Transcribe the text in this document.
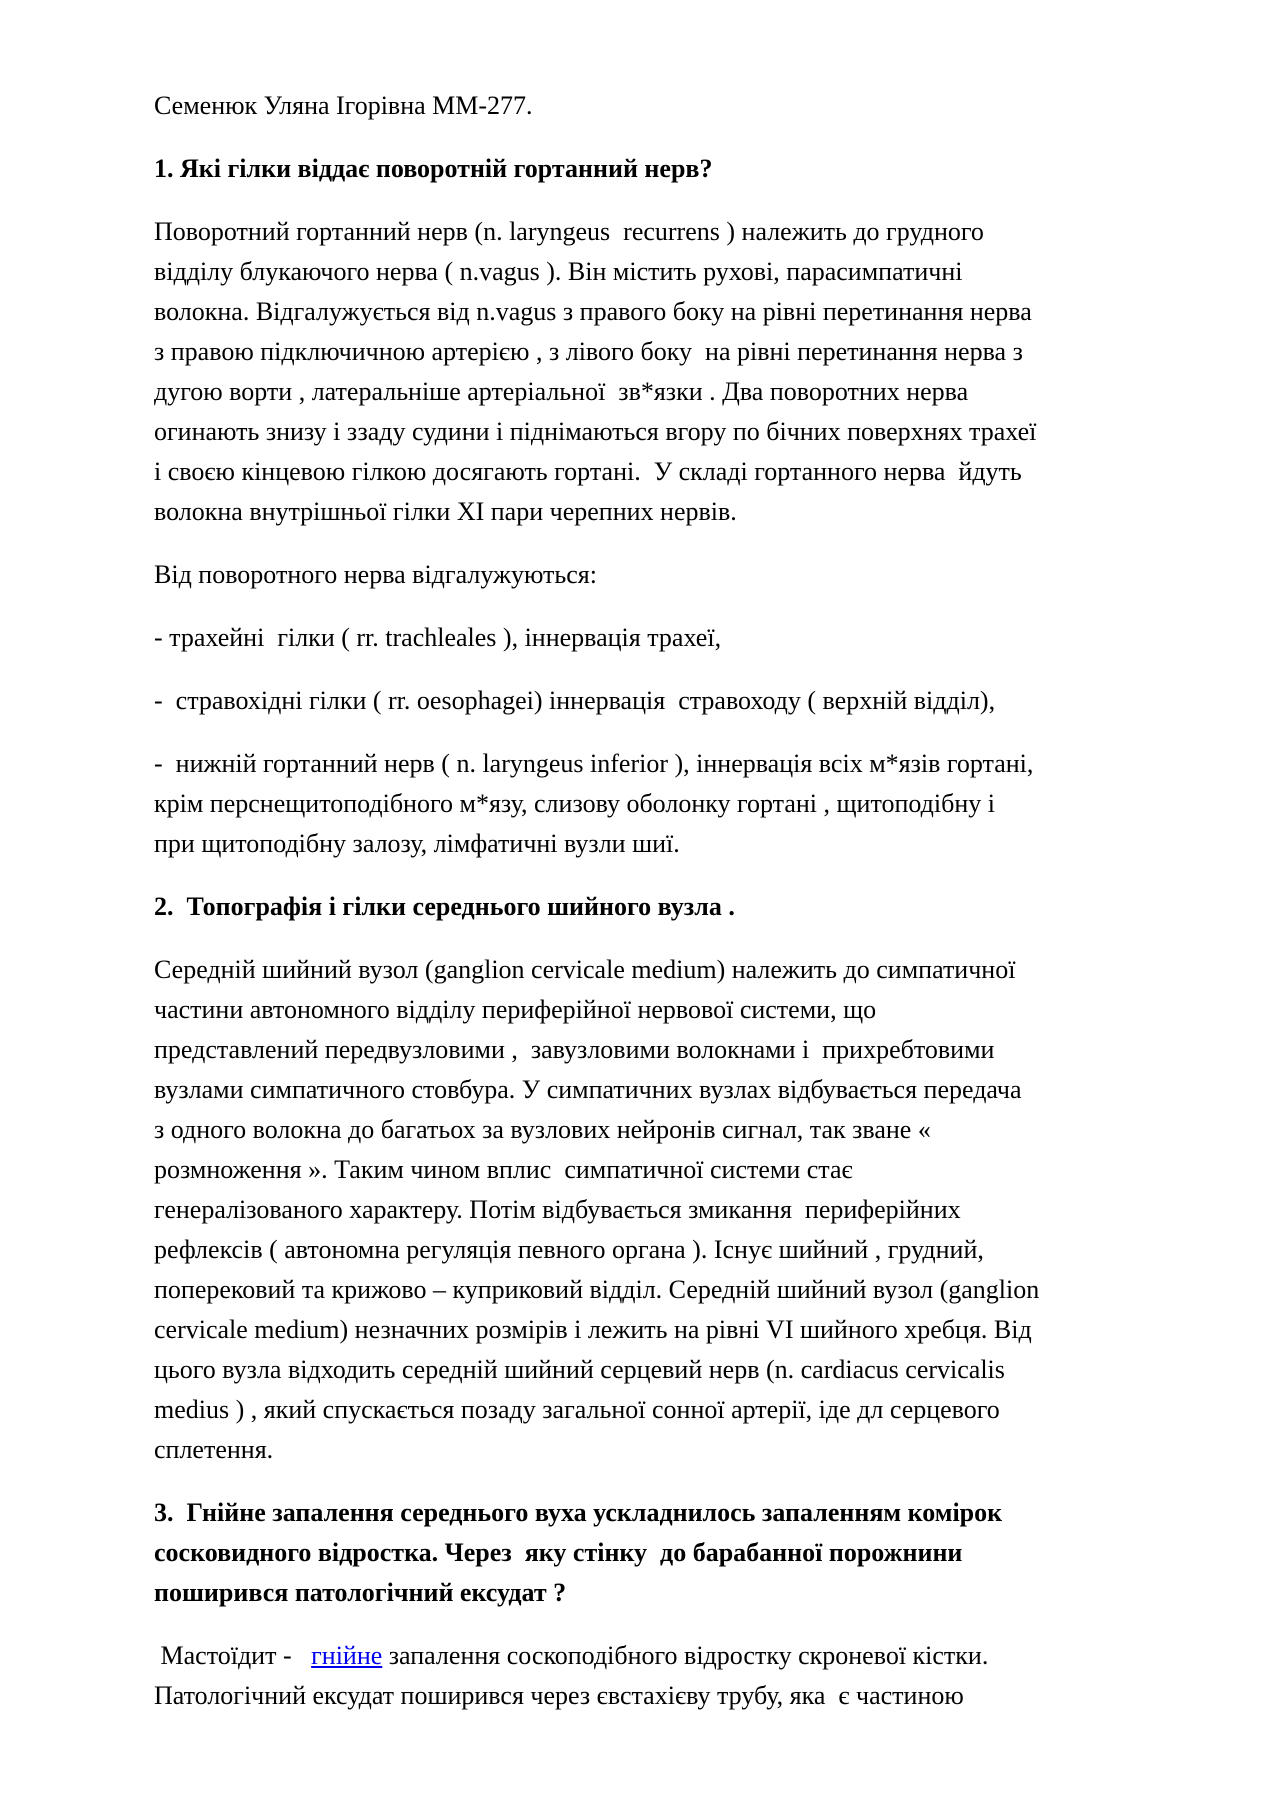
Семенюк Уляна Ігорівна ММ-277.

1. Які гілки віддає поворотній гортанний нерв?

Поворотний гортанний нерв (n. laryngeus  recurrens ) належить до грудного
відділу блукаючого нерва ( n.vagus ). Він містить рухові, парасимпатичні
волокна. Відгалужується від n.vagus з правого боку на рівні перетинання нерва
з правою підключичною артерією , з лівого боку  на рівні перетинання нерва з
дугою ворти , латеральніше артеріальної  зв*язки . Два поворотних нерва
огинають знизу і ззаду судини і піднімаються вгору по бічних поверхнях трахеї
і своєю кінцевою гілкою досягають гортані.  У складі гортанного нерва  йдуть
волокна внутрішньої гілки ХІ пари черепних нервів.

Від поворотного нерва відгалужуються:

- трахейні  гілки ( rr. trachleales ), іннервація трахеї,

-  стравохідні гілки ( rr. oesophagei) іннервація  стравоходу ( верхній відділ),

-  нижній гортанний нерв ( n. laryngeus inferior ), іннервація всіх м*язів гортані,
крім перснещитоподібного м*язу, слизову оболонку гортані , щитоподібну і
при щитоподібну залозу, лімфатичні вузли шиї.

2.  Топографія і гілки середнього шийного вузла .

Середній шийний вузол (ganglion cervicale medium) належить до симпатичної
частини автономного відділу периферійної нервової системи, що
представлений передвузловими ,  завузловими волокнами і  прихребтовими
вузлами симпатичного стовбура. У симпатичних вузлах відбувається передача
з одного волокна до багатьох за вузлових нейронів сигнал, так зване «
розмноження ». Таким чином вплис  симпатичної системи стає
генералізованого характеру. Потім відбувається змикання  периферійних
рефлексів ( автономна регуляція певного органа ). Існує шийний , грудний,
поперековий та крижово – куприковий відділ. Середній шийний вузол (ganglion
cervicale medium) незначних розмірів і лежить на рівні VI шийного хребця. Від
цього вузла відходить середній шийний серцевий нерв (n. cardiacus cervicalis
medius ) , який спускається позаду загальної сонної артерії, іде дл серцевого
сплетення.

3.  Гнійне запалення середнього вуха ускладнилось запаленням комірок
сосковидного відростка. Через  яку стінку  до барабанної порожнини
поширився патологічний ексудат ?

Мастоїдит -   гнійне запалення соскоподібного відростку скроневої кістки.
Патологічний ексудат поширився через євстахієву трубу, яка  є частиною
